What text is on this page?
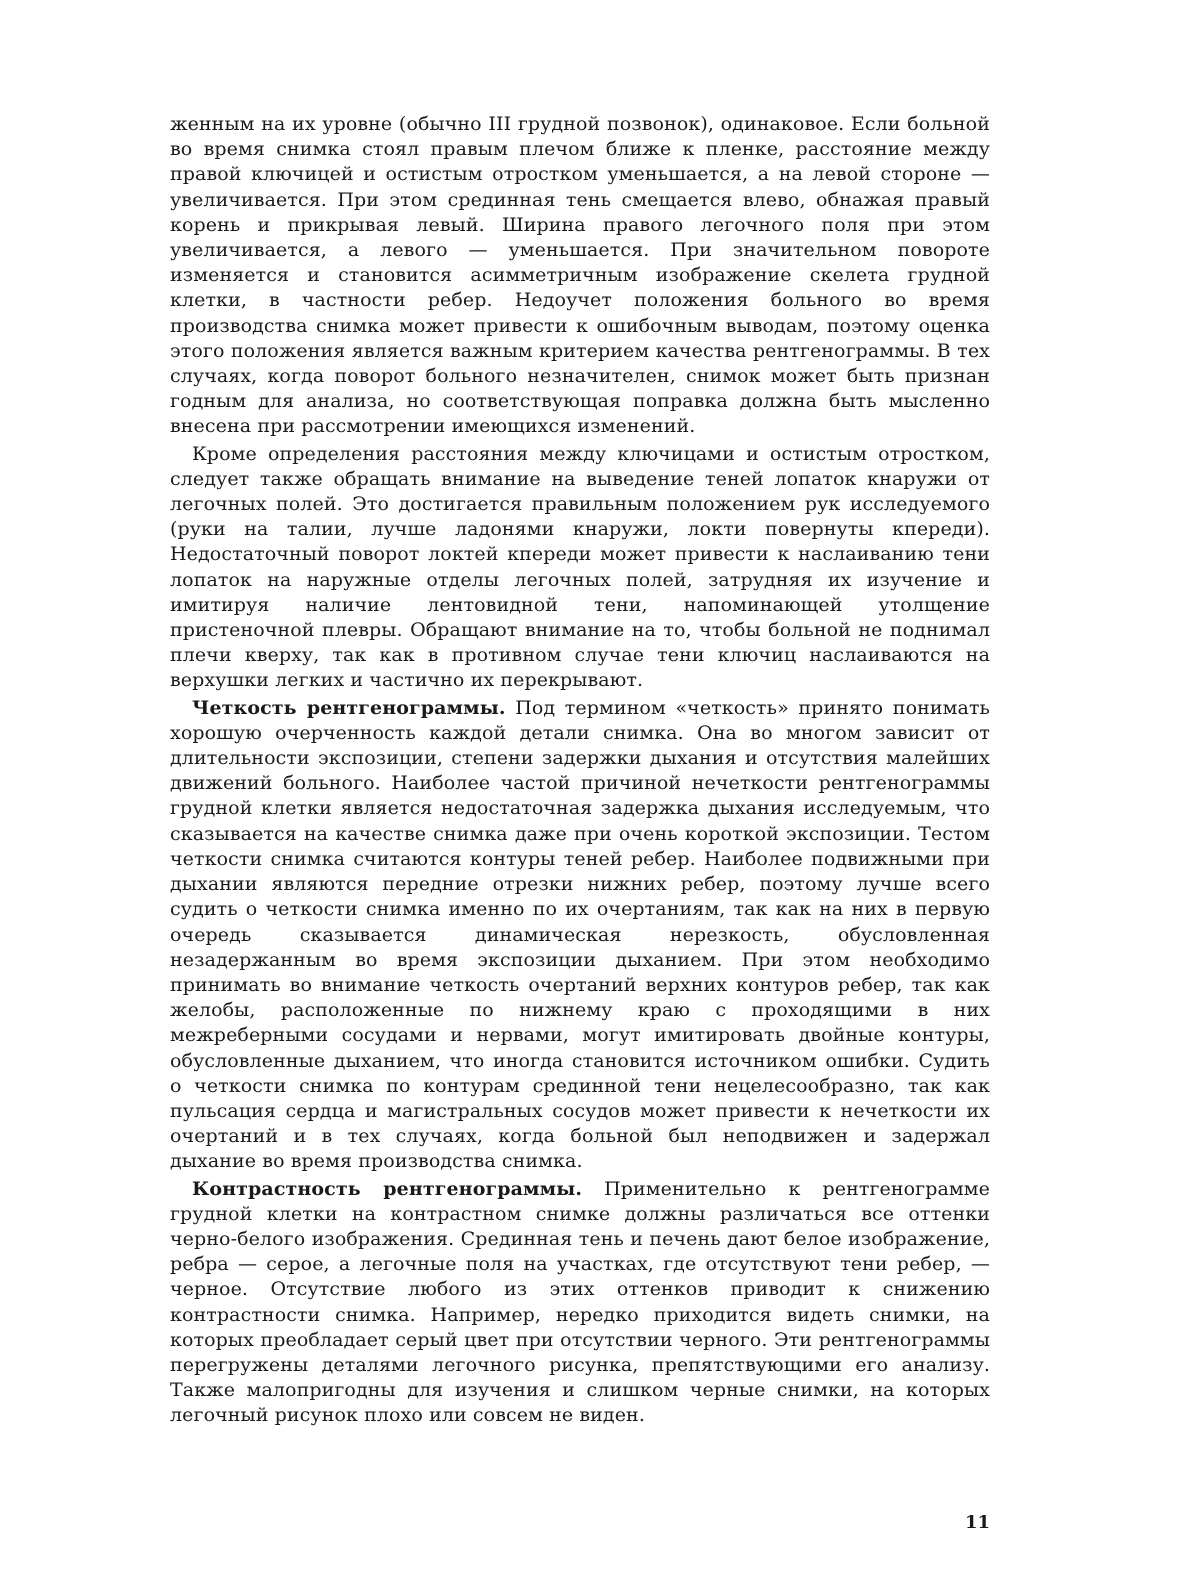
женным на их уровне (обычно III грудной позвонок), одинаковое. Если больной во время снимка стоял правым плечом ближе к пленке, расстояние между правой ключицей и остистым отростком уменьшается, а на левой стороне — увеличивается. При этом срединная тень смещается влево, обнажая правый корень и прикрывая левый. Ширина правого легочного поля при этом увеличивается, а левого — уменьшается. При значительном повороте изменяется и становится асимметричным изображение скелета грудной клетки, в частности ребер. Недоучет положения больного во время производства снимка может привести к ошибочным выводам, поэтому оценка этого положения является важным критерием качества рентгенограммы. В тех случаях, когда поворот больного незначителен, снимок может быть признан годным для анализа, но соответствующая поправка должна быть мысленно внесена при рассмотрении имеющихся изменений.

Кроме определения расстояния между ключицами и остистым отростком, следует также обращать внимание на выведение теней лопаток кнаружи от легочных полей. Это достигается правильным положением рук исследуемого (руки на талии, лучше ладонями кнаружи, локти повернуты кпереди). Недостаточный поворот локтей кпереди может привести к наслаиванию тени лопаток на наружные отделы легочных полей, затрудняя их изучение и имитируя наличие лентовидной тени, напоминающей утолщение пристеночной плевры. Обращают внимание на то, чтобы больной не поднимал плечи кверху, так как в противном случае тени ключиц наслаиваются на верхушки легких и частично их перекрывают.

Четкость рентгенограммы. Под термином «четкость» принято понимать хорошую очерченность каждой детали снимка. Она во многом зависит от длительности экспозиции, степени задержки дыхания и отсутствия малейших движений больного. Наиболее частой причиной нечеткости рентгенограммы грудной клетки является недостаточная задержка дыхания исследуемым, что сказывается на качестве снимка даже при очень короткой экспозиции. Тестом четкости снимка считаются контуры теней ребер. Наиболее подвижными при дыхании являются передние отрезки нижних ребер, поэтому лучше всего судить о четкости снимка именно по их очертаниям, так как на них в первую очередь сказывается динамическая нерезкость, обусловленная незадержанным во время экспозиции дыханием. При этом необходимо принимать во внимание четкость очертаний верхних контуров ребер, так как желобы, расположенные по нижнему краю с проходящими в них межреберными сосудами и нервами, могут имитировать двойные контуры, обусловленные дыханием, что иногда становится источником ошибки. Судить о четкости снимка по контурам срединной тени нецелесообразно, так как пульсация сердца и магистральных сосудов может привести к нечеткости их очертаний и в тех случаях, когда больной был неподвижен и задержал дыхание во время производства снимка.

Контрастность рентгенограммы. Применительно к рентгенограмме грудной клетки на контрастном снимке должны различаться все оттенки черно-белого изображения. Срединная тень и печень дают белое изображение, ребра — серое, а легочные поля на участках, где отсутствуют тени ребер, — черное. Отсутствие любого из этих оттенков приводит к снижению контрастности снимка. Например, нередко приходится видеть снимки, на которых преобладает серый цвет при отсутствии черного. Эти рентгенограммы перегружены деталями легочного рисунка, препятствующими его анализу. Также малопригодны для изучения и слишком черные снимки, на которых легочный рисунок плохо или совсем не виден.

11
